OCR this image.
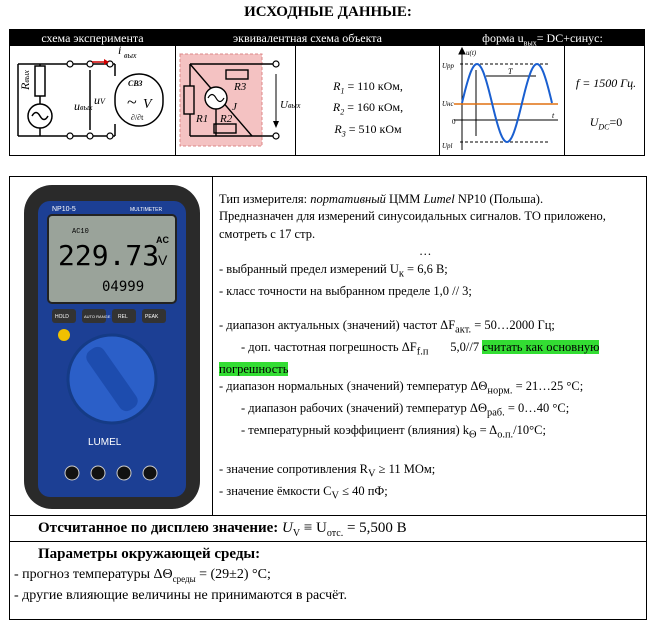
ИСХОДНЫЕ ДАННЫЕ:
схема эксперимента	эквивалентная схема объекта	форма $u_{вых}=$ DC+синус:
Rвых
uвых
uV
i вых
СВЗ
~ V
∂/∂t
R3
J
R1 R2
Uвых
$R_1 = 110$ кОм,
$R_2 = 160$ кОм,
$R_3 = 510$ кОм
Uрр
Uнс
0
Upl
u(t)
t
T
f = 1500 Гц.
$U_{DC}=0$
NP10-5	MULTIMETER
AC10
229.73
AC
V
04999
HOLD	AUTO RANGE REL	PEAK
LUMEL

Тип измерителя: портативный ЦММ Lumel NP10 (Польша).

Предназначен для измерений синусоидальных сигналов. ТО приложено,

смотреть с 17 стр.

…

- выбранный предел измерений $U_к = 6,6$ В;

- класс точности на выбранном пределе 1,0 // 3;

- диапазон актуальных (значений) частот $\Delta F_{акт.}$ = 50…2000 Гц;

- доп. частотная погрешность $\Delta F_{f.п}$       5,0//7 считать как основную

погрешность

- диапазон нормальных (значений) температур $\Delta\Theta_{норм.}$ = 21…25 °C;

- диапазон рабочих (значений) температур $\Delta\Theta_{раб.}$ = 0…40 °C;

- температурный коэффициент (влияния) $k_\Theta = \Delta_{о.п.}/10^\circ C$;

- значение сопротивления $R_V \ge 11$ МОм;

- значение ёмкости $C_V \le 40$ пФ;

Отсчитанное по дисплею значение: $U_V \equiv U_{отс.} = 5,500$ В
Параметры окружающей среды:
- прогноз температуры $\Delta\Theta_{среды} = (29\pm 2)$ °C;
- другие влияющие величины не принимаются в расчёт.
